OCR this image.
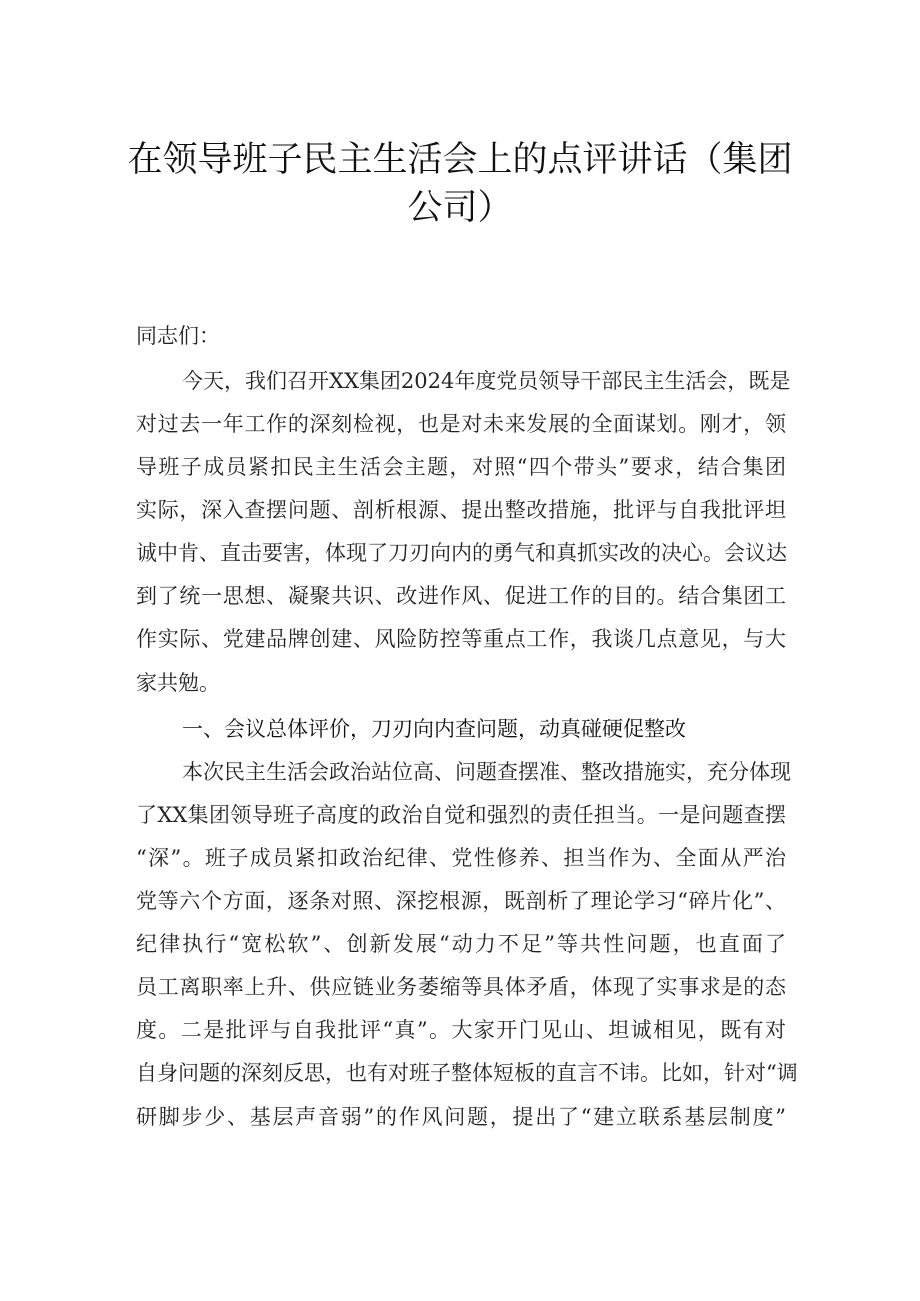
在领导班子民主生活会上的点评讲话（集团
公司）
同志们：
今天，我们召开XX集团2024年度党员领导干部民主生活会，既是
对过去一年工作的深刻检视，也是对未来发展的全面谋划。刚才，领
导班子成员紧扣民主生活会主题，对照“四个带头”要求，结合集团
实际，深入查摆问题、剖析根源、提出整改措施，批评与自我批评坦
诚中肯、直击要害，体现了刀刃向内的勇气和真抓实改的决心。会议达
到了统一思想、凝聚共识、改进作风、促进工作的目的。结合集团工
作实际、党建品牌创建、风险防控等重点工作，我谈几点意见，与大
家共勉。
一、会议总体评价，刀刃向内查问题，动真碰硬促整改
本次民主生活会政治站位高、问题查摆准、整改措施实，充分体现
了XX集团领导班子高度的政治自觉和强烈的责任担当。一是问题查摆
“深”。班子成员紧扣政治纪律、党性修养、担当作为、全面从严治
党等六个方面，逐条对照、深挖根源，既剖析了理论学习“碎片化”、
纪律执行“宽松软”、创新发展“动力不足”等共性问题，也直面了
员工离职率上升、供应链业务萎缩等具体矛盾，体现了实事求是的态
度。二是批评与自我批评“真”。大家开门见山、坦诚相见，既有对
自身问题的深刻反思，也有对班子整体短板的直言不讳。比如，针对“调
研脚步少、基层声音弱”的作风问题，提出了“建立联系基层制度”
